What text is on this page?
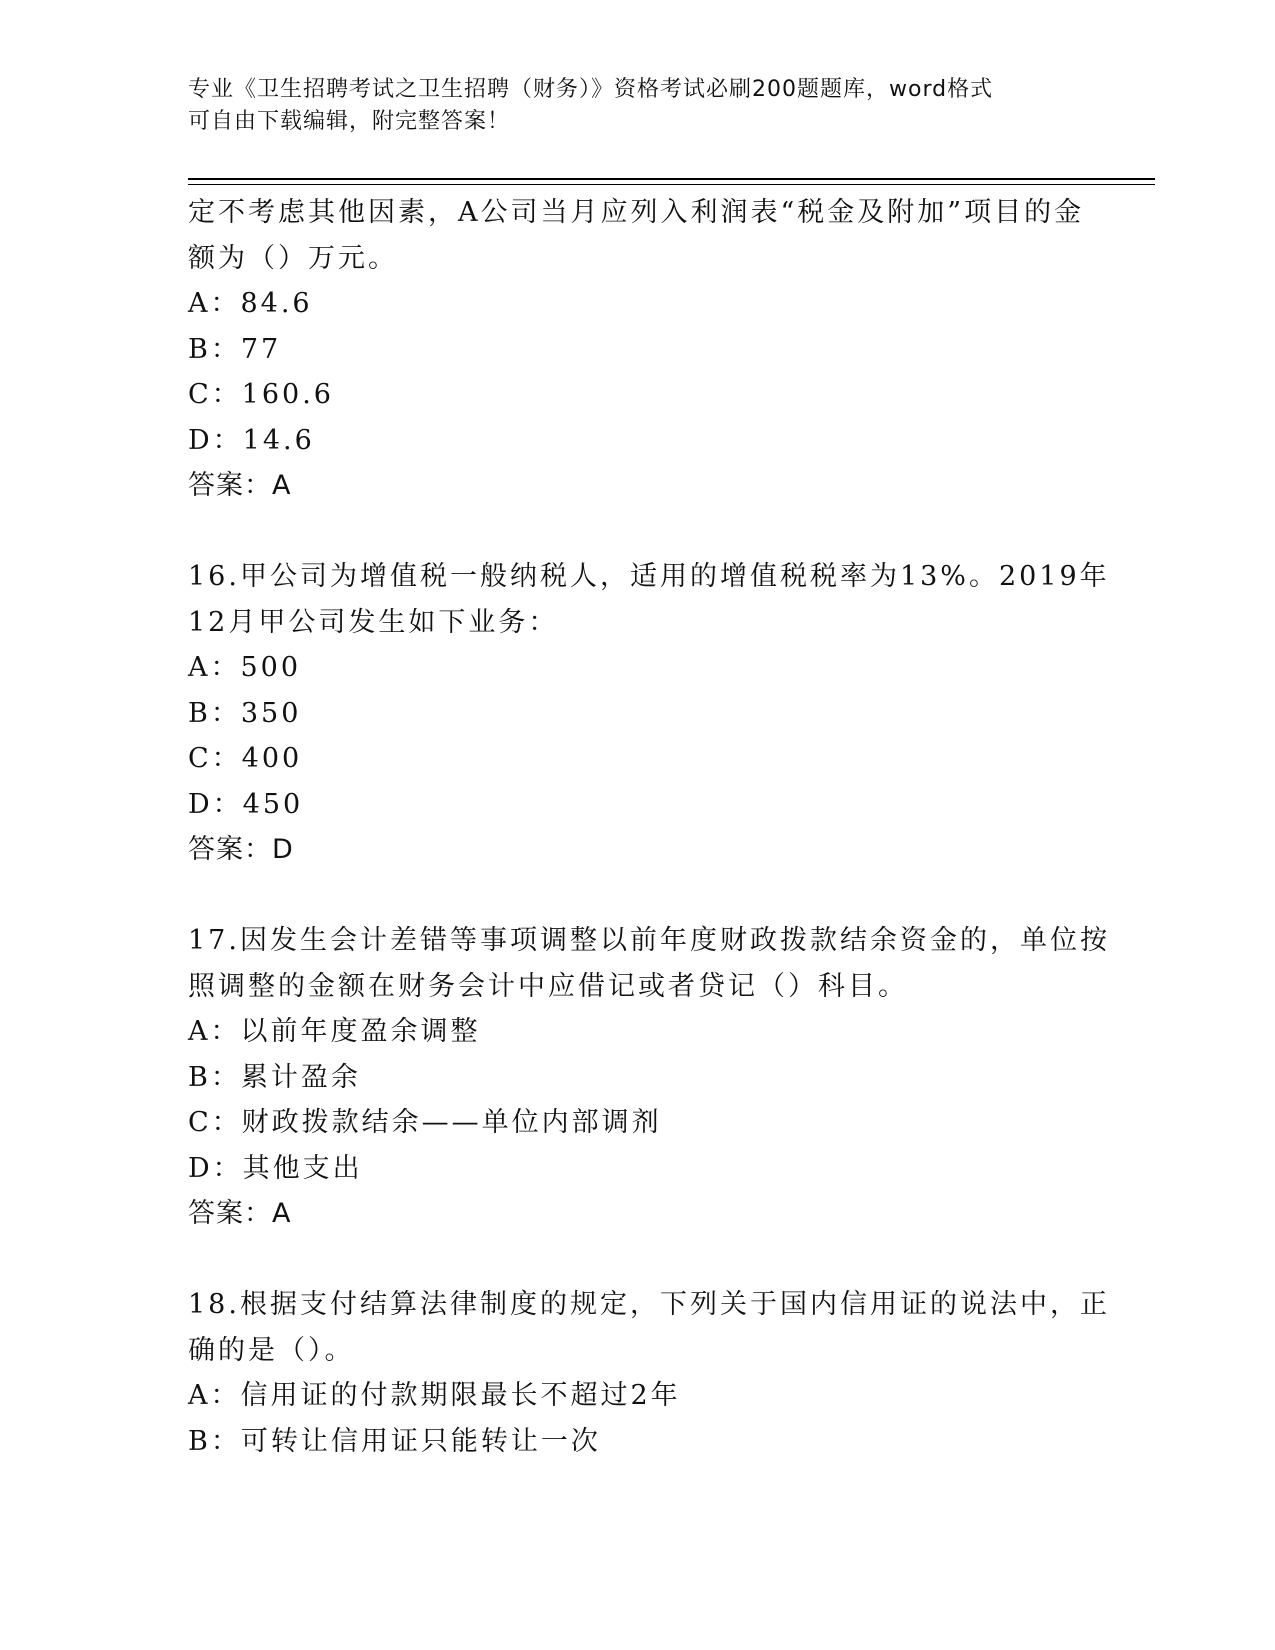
专业《卫生招聘考试之卫生招聘（财务）》资格考试必刷200题题库，word格式
可自由下载编辑，附完整答案！
定不考虑其他因素，A公司当月应列入利润表“税金及附加”项目的金
额为（）万元。
A：84.6
B：77
C：160.6
D：14.6
答案：A
16.甲公司为增值税一般纳税人，适用的增值税税率为13%。2019年
12月甲公司发生如下业务：
A：500
B：350
C：400
D：450
答案：D
17.因发生会计差错等事项调整以前年度财政拨款结余资金的，单位按
照调整的金额在财务会计中应借记或者贷记（）科目。
A：以前年度盈余调整
B：累计盈余
C：财政拨款结余——单位内部调剂
D：其他支出
答案：A
18.根据支付结算法律制度的规定，下列关于国内信用证的说法中，正
确的是（）。
A：信用证的付款期限最长不超过2年
B：可转让信用证只能转让一次
